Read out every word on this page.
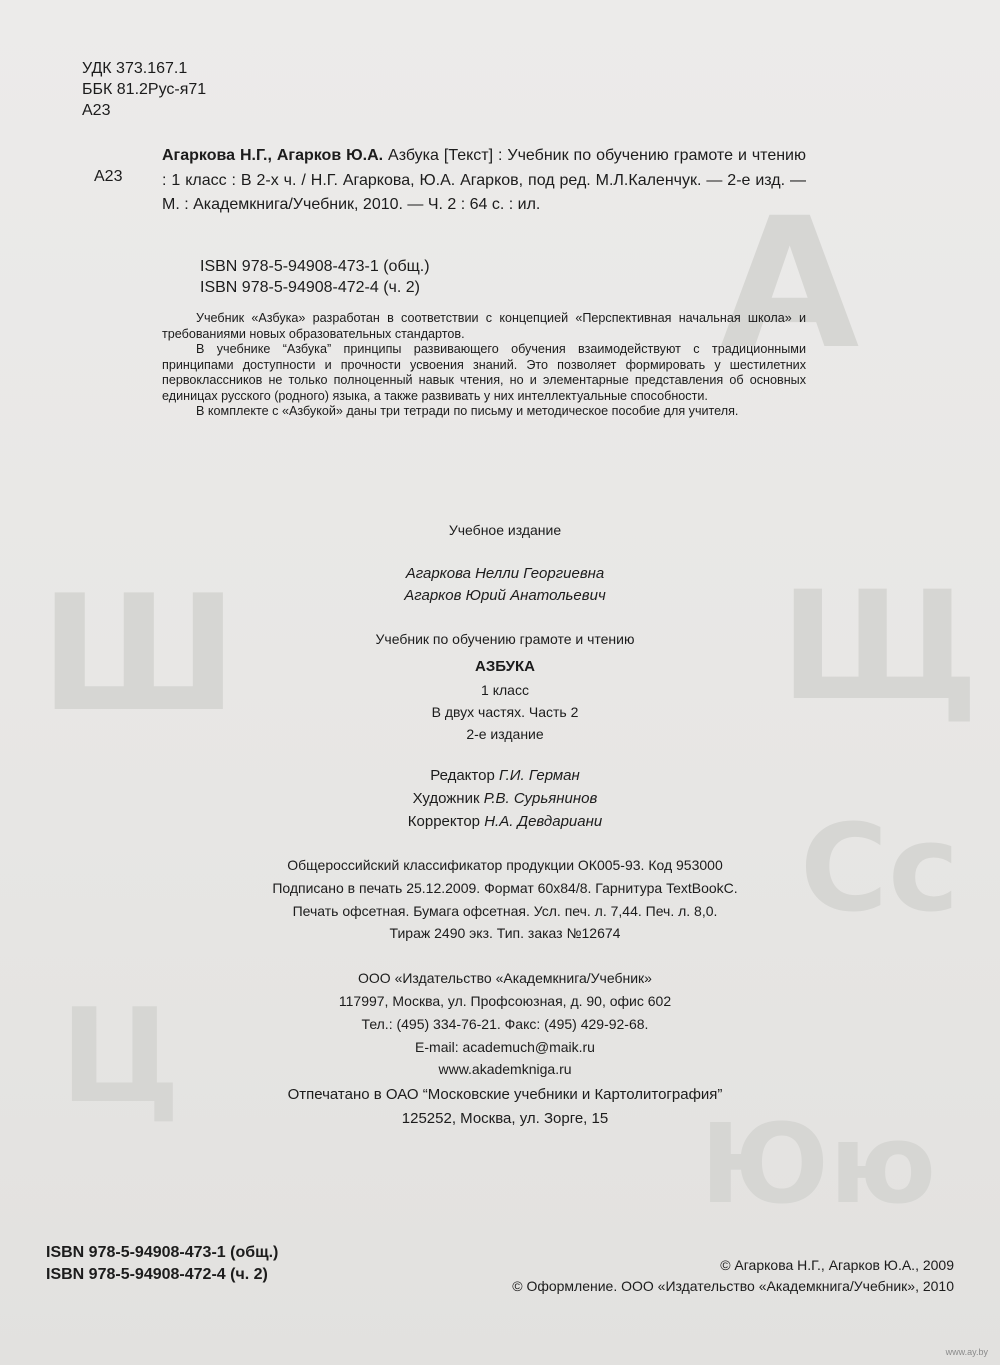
А
Ш	Щ
Сс
Ц
Юю
УДК 373.167.1
ББК 81.2Рус-я71
А23
А23
Агаркова Н.Г., Агарков Ю.А. Азбука [Текст] : Учебник по обучению грамоте и чтению : 1 класс : В 2-х ч. / Н.Г. Агаркова, Ю.А. Агарков, под ред. М.Л.Каленчук. — 2-е изд. — М. : Академкнига/Учебник, 2010. — Ч. 2 : 64 с. : ил.
ISBN 978-5-94908-473-1 (общ.)
ISBN 978-5-94908-472-4 (ч. 2)

Учебник «Азбука» разработан в соответствии с концепцией «Перспективная начальная школа» и требованиями новых образовательных стандартов.

В учебнике “Азбука” принципы развивающего обучения взаимодействуют с традиционными принципами доступности и прочности усвоения знаний. Это позволяет формировать у шестилетних первоклассников не только полноценный навык чтения, но и элементарные представления об основных единицах русского (родного) языка, а также развивать у них интеллектуальные способности.

В комплекте с «Азбукой» даны три тетради по письму и методическое пособие для учителя.

Учебное издание
Агаркова Нелли Георгиевна
Агарков Юрий Анатольевич
Учебник по обучению грамоте и чтению
АЗБУКА
1 класс
В двух частях. Часть 2
2-е издание
Редактор Г.И. Герман
Художник Р.В. Сурьянинов
Корректор Н.А. Девдариани
Общероссийский классификатор продукции ОК005-93. Код 953000
Подписано в печать 25.12.2009. Формат 60х84/8. Гарнитура TextBookC.
Печать офсетная. Бумага офсетная. Усл. печ. л. 7,44. Печ. л. 8,0.
Тираж 2490 экз. Тип. заказ №12674
ООО «Издательство «Академкнига/Учебник»
117997, Москва, ул. Профсоюзная, д. 90, офис 602
Тел.: (495) 334-76-21. Факс: (495) 429-92-68.
E-mail: academuch@maik.ru
www.akademkniga.ru
Отпечатано в ОАО “Московские учебники и Картолитография”
125252, Москва, ул. Зорге, 15
ISBN 978-5-94908-473-1 (общ.)
ISBN 978-5-94908-472-4 (ч. 2)
© Агаркова Н.Г., Агарков Ю.А., 2009
© Оформление. ООО «Издательство «Академкнига/Учебник», 2010
www.ay.by
